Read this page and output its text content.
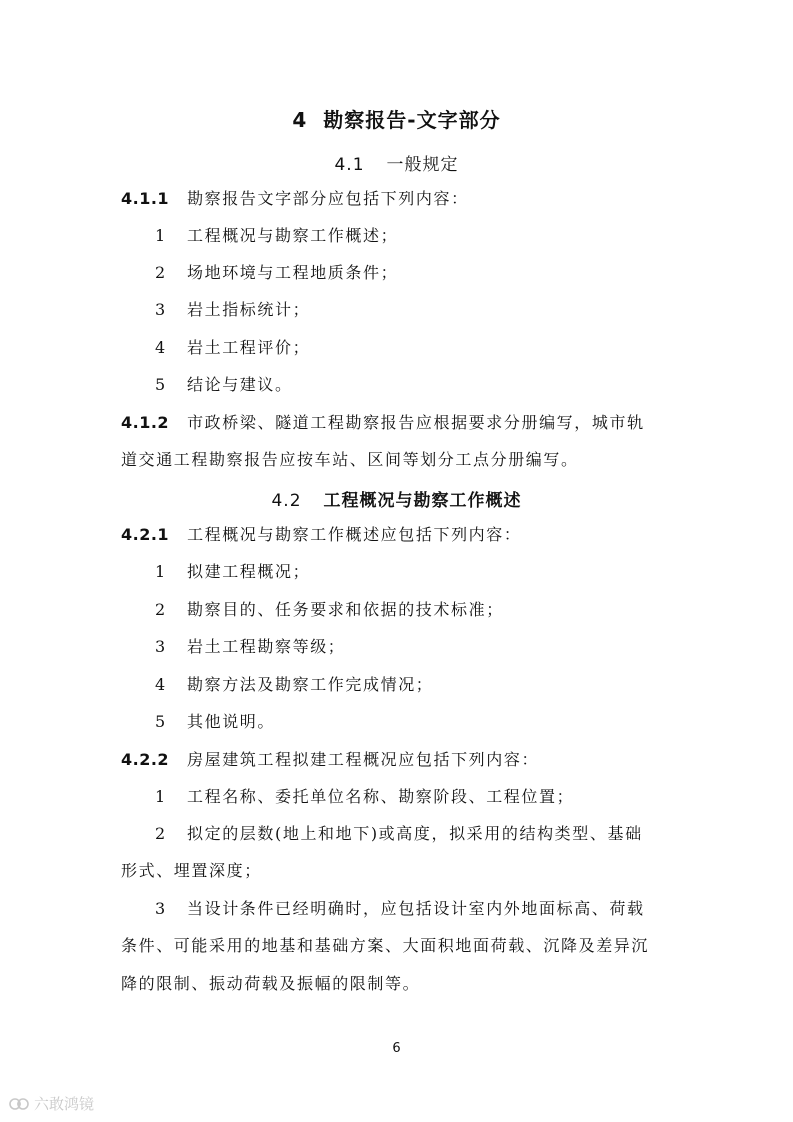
4 勘察报告-文字部分
4.1 一般规定
4.1.1 勘察报告文字部分应包括下列内容：
1 工程概况与勘察工作概述；
2 场地环境与工程地质条件；
3 岩土指标统计；
4 岩土工程评价；
5 结论与建议。
4.1.2 市政桥梁、隧道工程勘察报告应根据要求分册编写，城市轨
道交通工程勘察报告应按车站、区间等划分工点分册编写。
4.2 工程概况与勘察工作概述
4.2.1 工程概况与勘察工作概述应包括下列内容：
1 拟建工程概况；
2 勘察目的、任务要求和依据的技术标准；
3 岩土工程勘察等级；
4 勘察方法及勘察工作完成情况；
5 其他说明。
4.2.2 房屋建筑工程拟建工程概况应包括下列内容：
1 工程名称、委托单位名称、勘察阶段、工程位置；
2 拟定的层数(地上和地下)或高度，拟采用的结构类型、基础
形式、埋置深度；
3 当设计条件已经明确时，应包括设计室内外地面标高、荷载
条件、可能采用的地基和基础方案、大面积地面荷载、沉降及差异沉
降的限制、振动荷载及振幅的限制等。
6
六敢鸿镜
